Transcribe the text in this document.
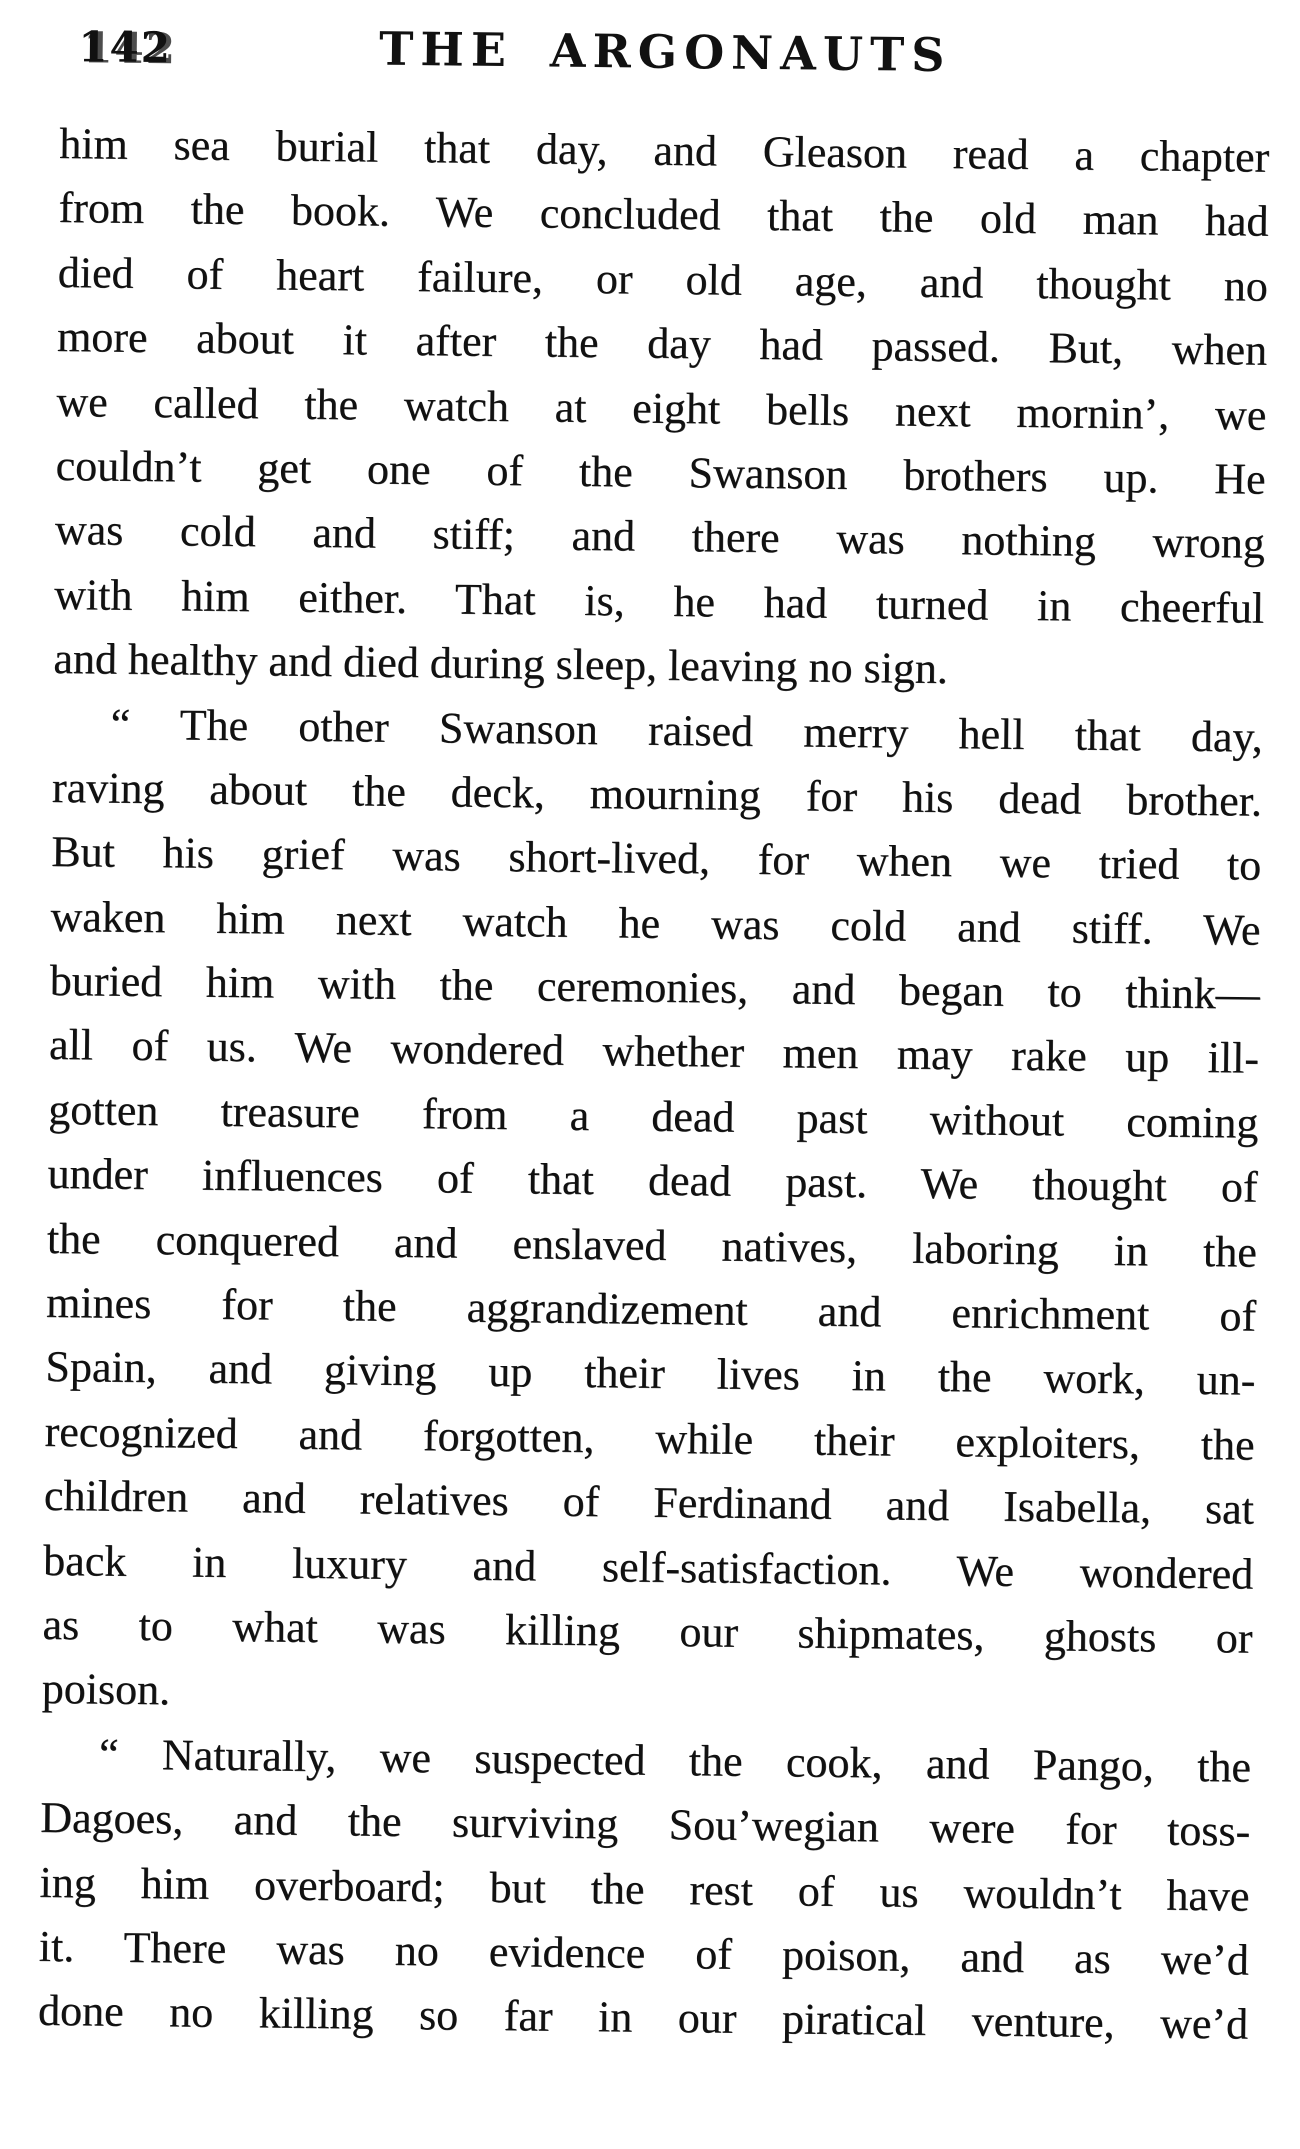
142	THE ARGONAUTS
him sea burial that day, and Gleason read a chapter
from the book. We concluded that the old man had
died of heart failure, or old age, and thought no
more about it after the day had passed. But, when
we called the watch at eight bells next mornin’, we
couldn’t get one of the Swanson brothers up. He
was cold and stiff; and there was nothing wrong
with him either. That is, he had turned in cheerful
and healthy and died during sleep, leaving no sign.
“ The other Swanson raised merry hell that day,
raving about the deck, mourning for his dead brother.
But his grief was short-lived, for when we tried to
waken him next watch he was cold and stiff. We
buried him with the ceremonies, and began to think—
all of us. We wondered whether men may rake up ill-
gotten treasure from a dead past without coming
under influences of that dead past. We thought of
the conquered and enslaved natives, laboring in the
mines for the aggrandizement and enrichment of
Spain, and giving up their lives in the work, un-
recognized and forgotten, while their exploiters, the
children and relatives of Ferdinand and Isabella, sat
back in luxury and self-satisfaction. We wondered
as to what was killing our shipmates, ghosts or
poison.
“ Naturally, we suspected the cook, and Pango, the
Dagoes, and the surviving Sou’wegian were for toss-
ing him overboard; but the rest of us wouldn’t have
it. There was no evidence of poison, and as we’d
done no killing so far in our piratical venture, we’d
